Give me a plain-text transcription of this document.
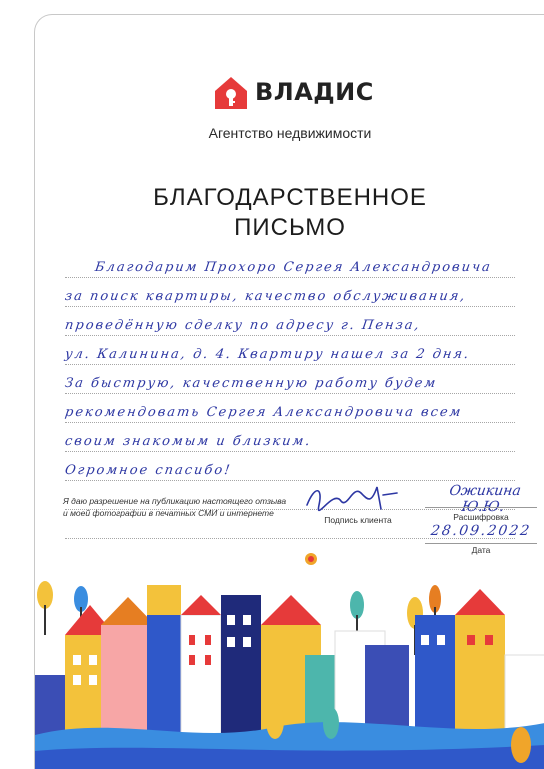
ВЛАДИС
Агентство недвижимости
БЛАГОДАРСТВЕННОЕ
ПИСЬМО
Благодарим Прохоро Сергея Александровича
за поиск квартиры, качество обслуживания,
проведённую сделку по адресу г. Пенза,
ул. Калинина, д. 4. Квартиру нашел за 2 дня.
За быструю, качественную работу будем
рекомендовать Сергея Александровича всем
своим знакомым и близким.
Огромное спасибо!
Я даю разрешение на публикацию настоящего отзыва и моей фотографии в печатных СМИ и интернете
Подпись клиента
Ожикина Ю.Ю.
Расшифровка
28.09.2022
Дата
